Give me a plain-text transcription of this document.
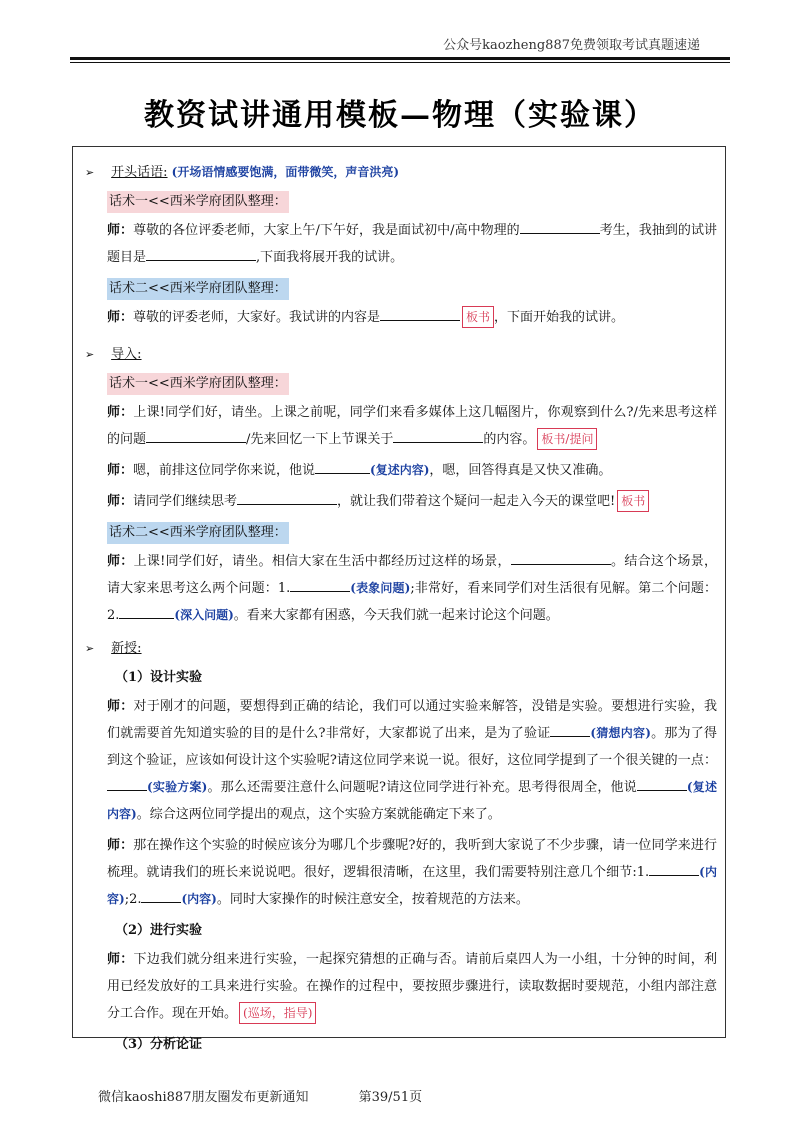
公众号kaozheng887免费领取考试真题速递
教资试讲通用模板—物理（实验课）
➢ 开头话语: (开场语情感要饱满，面带微笑，声音洪亮)
话术一<<西米学府团队整理：

师：尊敬的各位评委老师，大家上午/下午好，我是面试初中/高中物理的	考生，我抽到的试讲题目是	,下面我将展开我的试讲。

话术二<<西米学府团队整理：

师：尊敬的评委老师，大家好。我试讲的内容是	板书 ，下面开始我的试讲。

➢ 导入:
话术一<<西米学府团队整理：

师：上课!同学们好，请坐。上课之前呢，同学们来看多媒体上这几幅图片，你观察到什么?/先来思考这样的问题	/先来回忆一下上节课关于	的内容。 板书/提问

师：嗯，前排这位同学你来说，他说	(复述内容)，嗯，回答得真是又快又准确。

师：请同学们继续思考	，就让我们带着这个疑问一起走入今天的课堂吧! 板书

话术二<<西米学府团队整理：

师：上课!同学们好，请坐。相信大家在生活中都经历过这样的场景，	。结合这个场景，请大家来思考这么两个问题：1.	(表象问题);非常好，看来同学们对生活很有见解。第二个问题：2.	(深入问题)。看来大家都有困惑，今天我们就一起来讨论这个问题。

➢ 新授:
（1）设计实验

师：对于刚才的问题，要想得到正确的结论，我们可以通过实验来解答，没错是实验。要想进行实验，我们就需要首先知道实验的目的是什么?非常好，大家都说了出来，是为了验证	(猜想内容)。那为了得到这个验证，应该如何设计这个实验呢?请这位同学来说一说。很好，这位同学提到了一个很关键的一点：(实验方案)。那么还需要注意什么问题呢?请这位同学进行补充。思考得很周全，他说	(复述内容)。综合这两位同学提出的观点，这个实验方案就能确定下来了。

师：那在操作这个实验的时候应该分为哪几个步骤呢?好的，我听到大家说了不少步骤，请一位同学来进行梳理。就请我们的班长来说说吧。很好，逻辑很清晰，在这里，我们需要特别注意几个细节:1.	(内容);2.	(内容)。同时大家操作的时候注意安全，按着规范的方法来。

（2）进行实验

师：下边我们就分组来进行实验，一起探究猜想的正确与否。请前后桌四人为一小组，十分钟的时间，利用已经发放好的工具来进行实验。在操作的过程中，要按照步骤进行，读取数据时要规范，小组内部注意分工合作。现在开始。 (巡场，指导)

（3）分析论证
微信kaoshi887朋友圈发布更新通知	第39/51页
